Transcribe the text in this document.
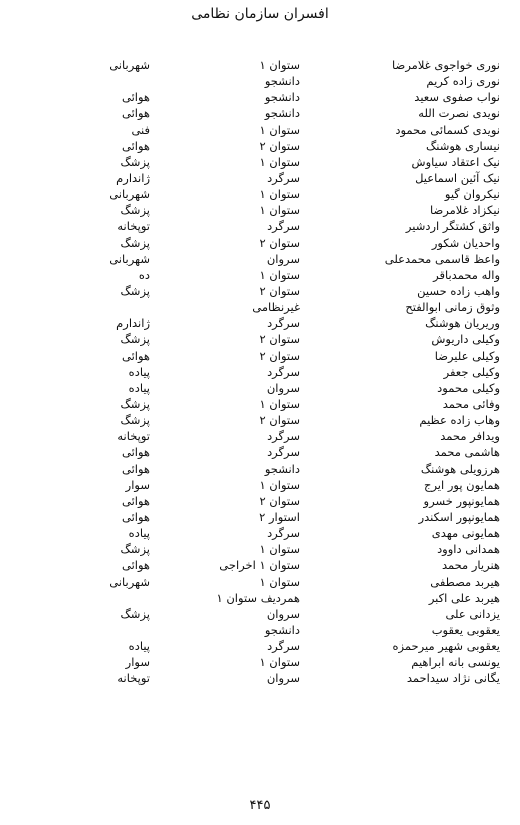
افسران سازمان نظامی
نوری خواجوی غلامرضا
ستوان ۱
شهربانی
نوری زاده کریم
دانشجو
نواب صفوی سعید
دانشجو
هوائی
نویدی نصرت الله
دانشجو
هوائی
نویدی کسمائی محمود
ستوان ۱
فنی
نیساری هوشنگ
ستوان ۲
هوائی
نیک اعتقاد سیاوش
ستوان ۱
پزشگ
نیک آئین اسماعیل
سرگرد
ژاندارم
نیکروان گیو
ستوان ۱
شهربانی
نیکزاد غلامرضا
ستوان ۱
پزشگ
واثق کشتگر اردشیر
سرگرد
توپخانه
واحدیان شکور
ستوان ۲
پزشگ
واعظ قاسمی محمدعلی
سروان
شهربانی
واله محمدباقر
ستوان ۱
ده
واهب زاده حسین
ستوان ۲
پزشگ
وثوق زمانی ابوالفتح
غیرنظامی
وریریان هوشنگ
سرگرد
ژاندارم
وکیلی داریوش
ستوان ۲
پزشگ
وکیلی علیرضا
ستوان ۲
هوائی
وکیلی جعفر
سرگرد
پیاده
وکیلی محمود
سروان
پیاده
وفائی محمد
ستوان ۱
پزشگ
وهاب زاده عظیم
ستوان ۲
پزشگ
ویدافر محمد
سرگرد
توپخانه
هاشمی محمد
سرگرد
هوائی
هرزویلی هوشنگ
دانشجو
هوائی
همایون پور ایرج
ستوان ۱
سوار
همایونپور خسرو
ستوان ۲
هوائی
همایونپور اسکندر
استوار ۲
هوائی
همایونی مهدی
سرگرد
پیاده
همدانی داوود
ستوان ۱
پزشگ
هنریار محمد
ستوان ۱ اخراجی
هوائی
هیربد مصطفی
ستوان ۱
شهربانی
هیربد علی اکبر
همردیف ستوان ۱
یزدانی علی
سروان
پزشگ
یعقوبی یعقوب
دانشجو
یعقوبی شهیر میرحمزه
سرگرد
پیاده
یونسی بانه ابراهیم
ستوان ۱
سوار
یگانی نژاد سیداحمد
سروان
توپخانه
۴۴۵
